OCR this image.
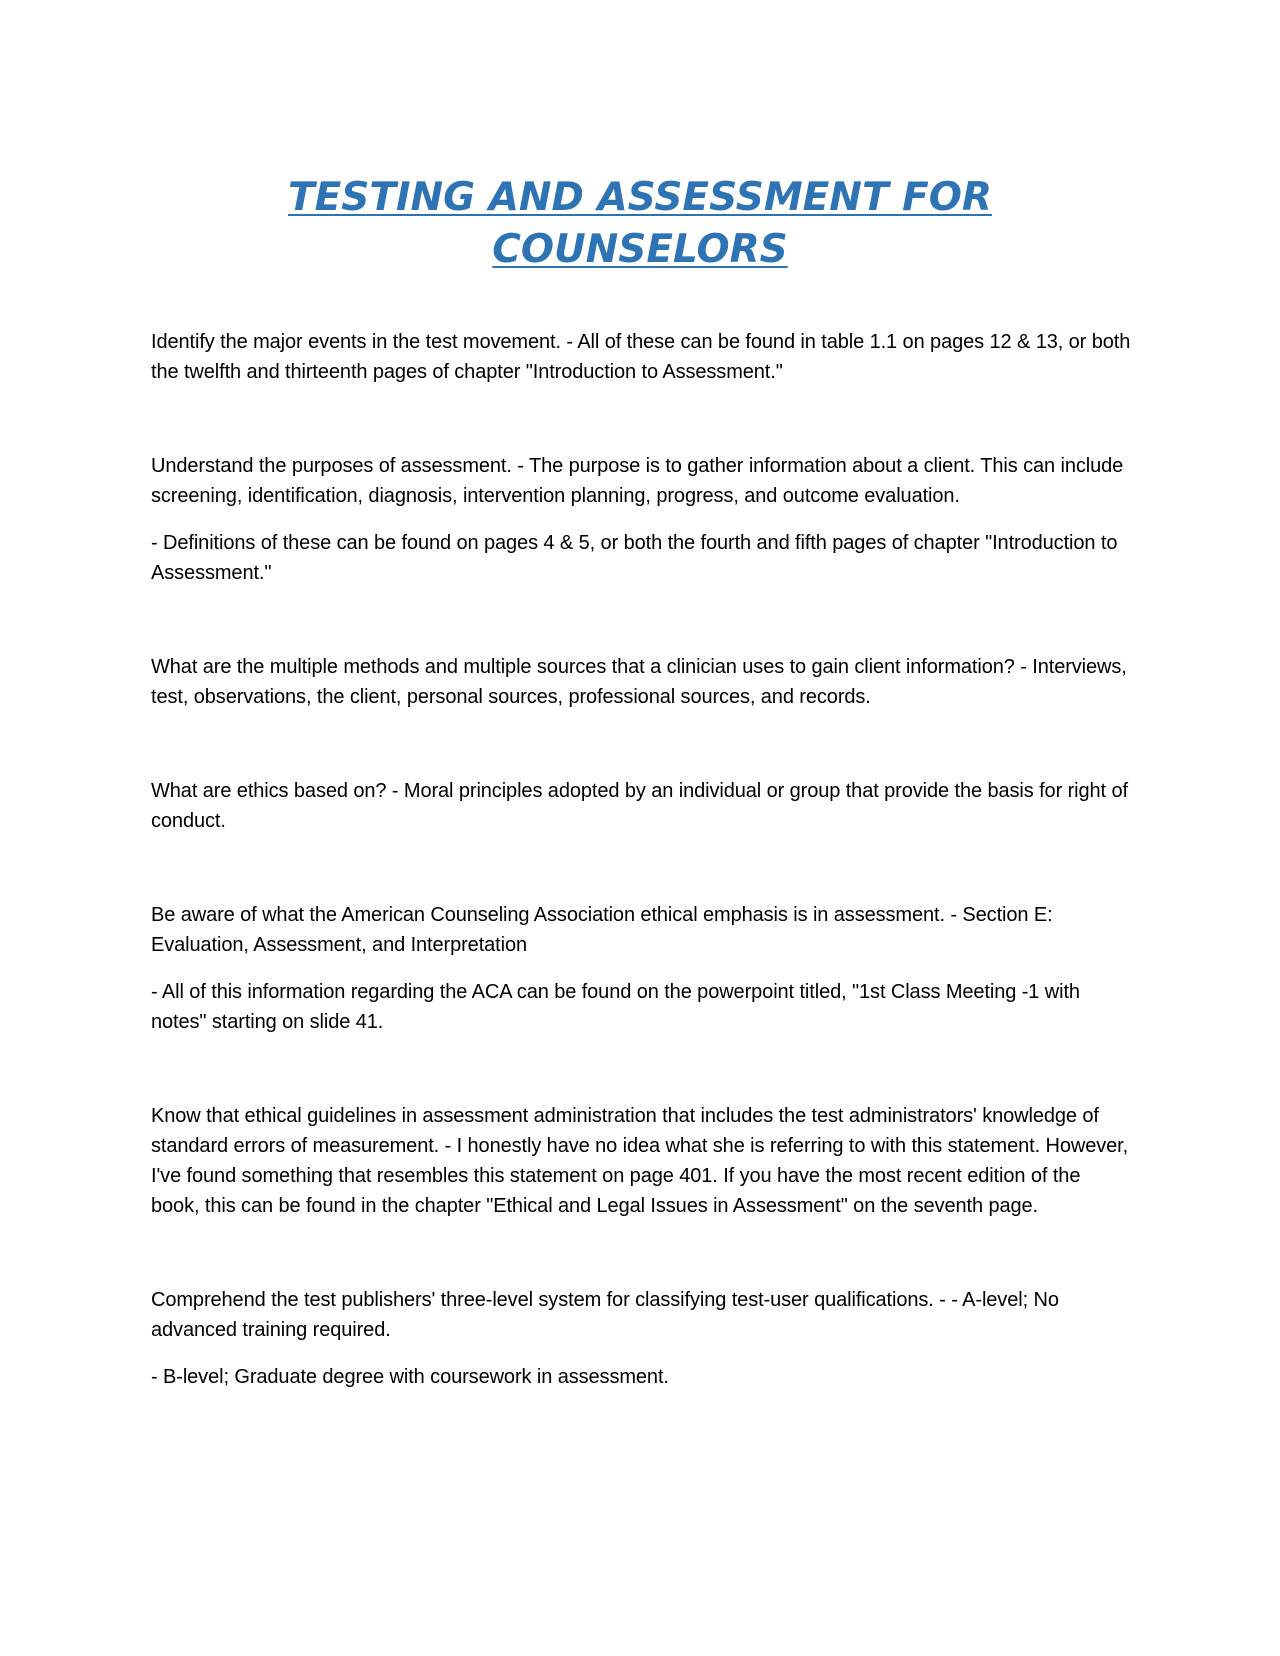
TESTING AND ASSESSMENT FOR COUNSELORS

Identify the major events in the test movement. - All of these can be found in table 1.1 on pages 12 & 13, or both the twelfth and thirteenth pages of chapter "Introduction to Assessment."

Understand the purposes of assessment. - The purpose is to gather information about a client. This can include screening, identification, diagnosis, intervention planning, progress, and outcome evaluation.

- Definitions of these can be found on pages 4 & 5, or both the fourth and fifth pages of chapter "Introduction to Assessment."

What are the multiple methods and multiple sources that a clinician uses to gain client information? - Interviews, test, observations, the client, personal sources, professional sources, and records.

What are ethics based on? - Moral principles adopted by an individual or group that provide the basis for right of conduct.

Be aware of what the American Counseling Association ethical emphasis is in assessment. - Section E: Evaluation, Assessment, and Interpretation

- All of this information regarding the ACA can be found on the powerpoint titled, "1st Class Meeting -1 with notes" starting on slide 41.

Know that ethical guidelines in assessment administration that includes the test administrators' knowledge of standard errors of measurement. - I honestly have no idea what she is referring to with this statement. However, I've found something that resembles this statement on page 401. If you have the most recent edition of the book, this can be found in the chapter "Ethical and Legal Issues in Assessment" on the seventh page.

Comprehend the test publishers' three-level system for classifying test-user qualifications. - - A-level; No advanced training required.

- B-level; Graduate degree with coursework in assessment.
